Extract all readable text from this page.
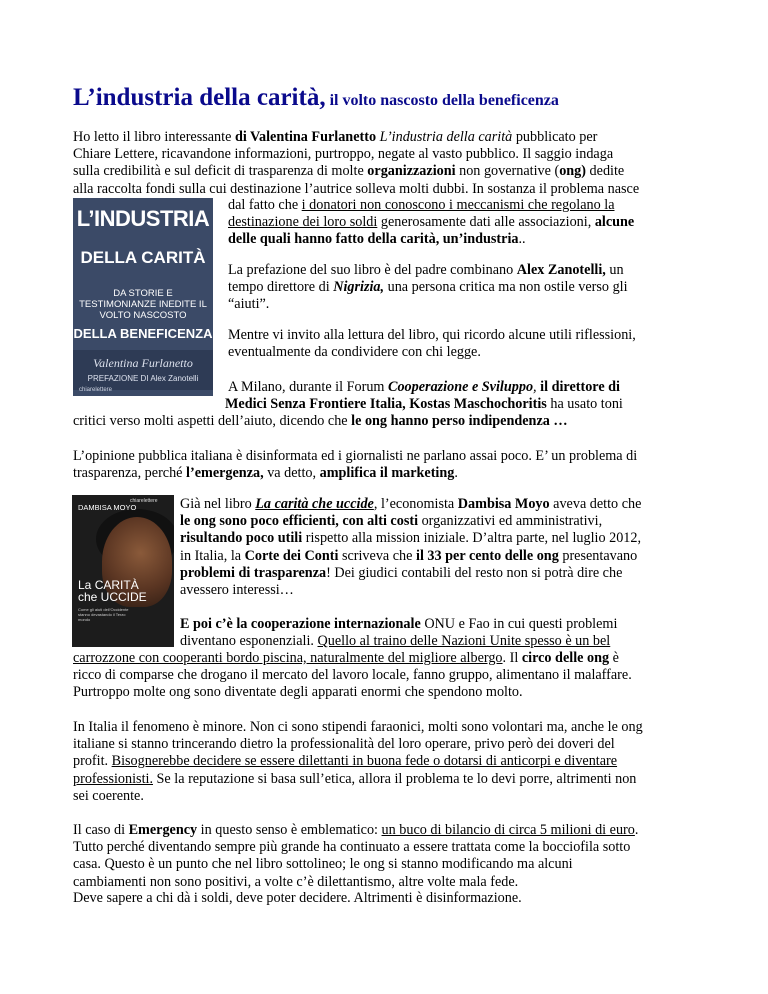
L’industria della carità, il volto nascosto della beneficenza
Ho letto il libro interessante di Valentina Furlanetto L’industria della carità pubblicato per
Chiare Lettere, ricavandone informazioni, purtroppo, negate al vasto pubblico. Il saggio indaga
sulla credibilità e sul deficit di trasparenza di molte organizzazioni non governative (ong) dedite
alla raccolta fondi sulla cui destinazione l’autrice solleva molti dubbi. In sostanza il problema nasce
L’INDUSTRIA
DELLA CARITÀ
DA STORIE E TESTIMONIANZE INEDITE IL VOLTO NASCOSTO
DELLA BENEFICENZA
Valentina Furlanetto
PREFAZIONE DI Alex Zanotelli
chiarelettere
dal fatto che i donatori non conoscono i meccanismi che regolano la
destinazione dei loro soldi generosamente dati alle associazioni, alcune
delle quali hanno fatto della carità, un’industria..
La prefazione del suo libro è del padre combinano Alex Zanotelli, un
tempo direttore di Nigrizia, una persona critica ma non ostile verso gli
“aiuti”.
Mentre vi invito alla lettura del libro, qui ricordo alcune utili riflessioni,
eventualmente da condividere con chi legge.
A Milano, durante il Forum Cooperazione e Sviluppo, il direttore di
Medici Senza Frontiere Italia, Kostas Maschochoritis ha usato toni
critici verso molti aspetti dell’aiuto, dicendo che le ong hanno perso indipendenza …
L’opinione pubblica italiana è disinformata ed i giornalisti ne parlano assai poco. E’ un problema di
trasparenza, perché l’emergenza, va detto, amplifica il marketing.
chiarelettere
DAMBISA MOYO
La CARITÀ
che UCCIDE
Come gli aiuti dell’Occidente stanno devastando il Terzo mondo
Già nel libro La carità che uccide, l’economista Dambisa Moyo aveva detto che
le ong sono poco efficienti, con alti costi organizzativi ed amministrativi,
risultando poco utili rispetto alla mission iniziale. D’altra parte, nel luglio 2012,
in Italia, la Corte dei Conti scriveva che il 33 per cento delle ong presentavano
problemi di trasparenza! Dei giudici contabili del resto non si potrà dire che
avessero interessi…
E poi c’è la cooperazione internazionale ONU e Fao in cui questi problemi
diventano esponenziali. Quello al traino delle Nazioni Unite spesso è un bel
carrozzone con cooperanti bordo piscina, naturalmente del migliore albergo. Il circo delle ong è
ricco di comparse che drogano il mercato del lavoro locale, fanno gruppo, alimentano il malaffare.
Purtroppo molte ong sono diventate degli apparati enormi che spendono molto.
In Italia il fenomeno è minore. Non ci sono stipendi faraonici, molti sono volontari ma, anche le ong
italiane si stanno trincerando dietro la professionalità del loro operare, privo però dei doveri del
profit. Bisognerebbe decidere se essere dilettanti in buona fede o dotarsi di anticorpi e diventare
professionisti. Se la reputazione si basa sull’etica, allora il problema te lo devi porre, altrimenti non
sei coerente.
Il caso di Emergency in questo senso è emblematico: un buco di bilancio di circa 5 milioni di euro.
Tutto perché diventando sempre più grande ha continuato a essere trattata come la bocciofila sotto
casa. Questo è un punto che nel libro sottolineo; le ong si stanno modificando ma alcuni
cambiamenti non sono positivi, a volte c’è dilettantismo, altre volte mala fede.
Deve sapere a chi dà i soldi, deve poter decidere. Altrimenti è disinformazione.
